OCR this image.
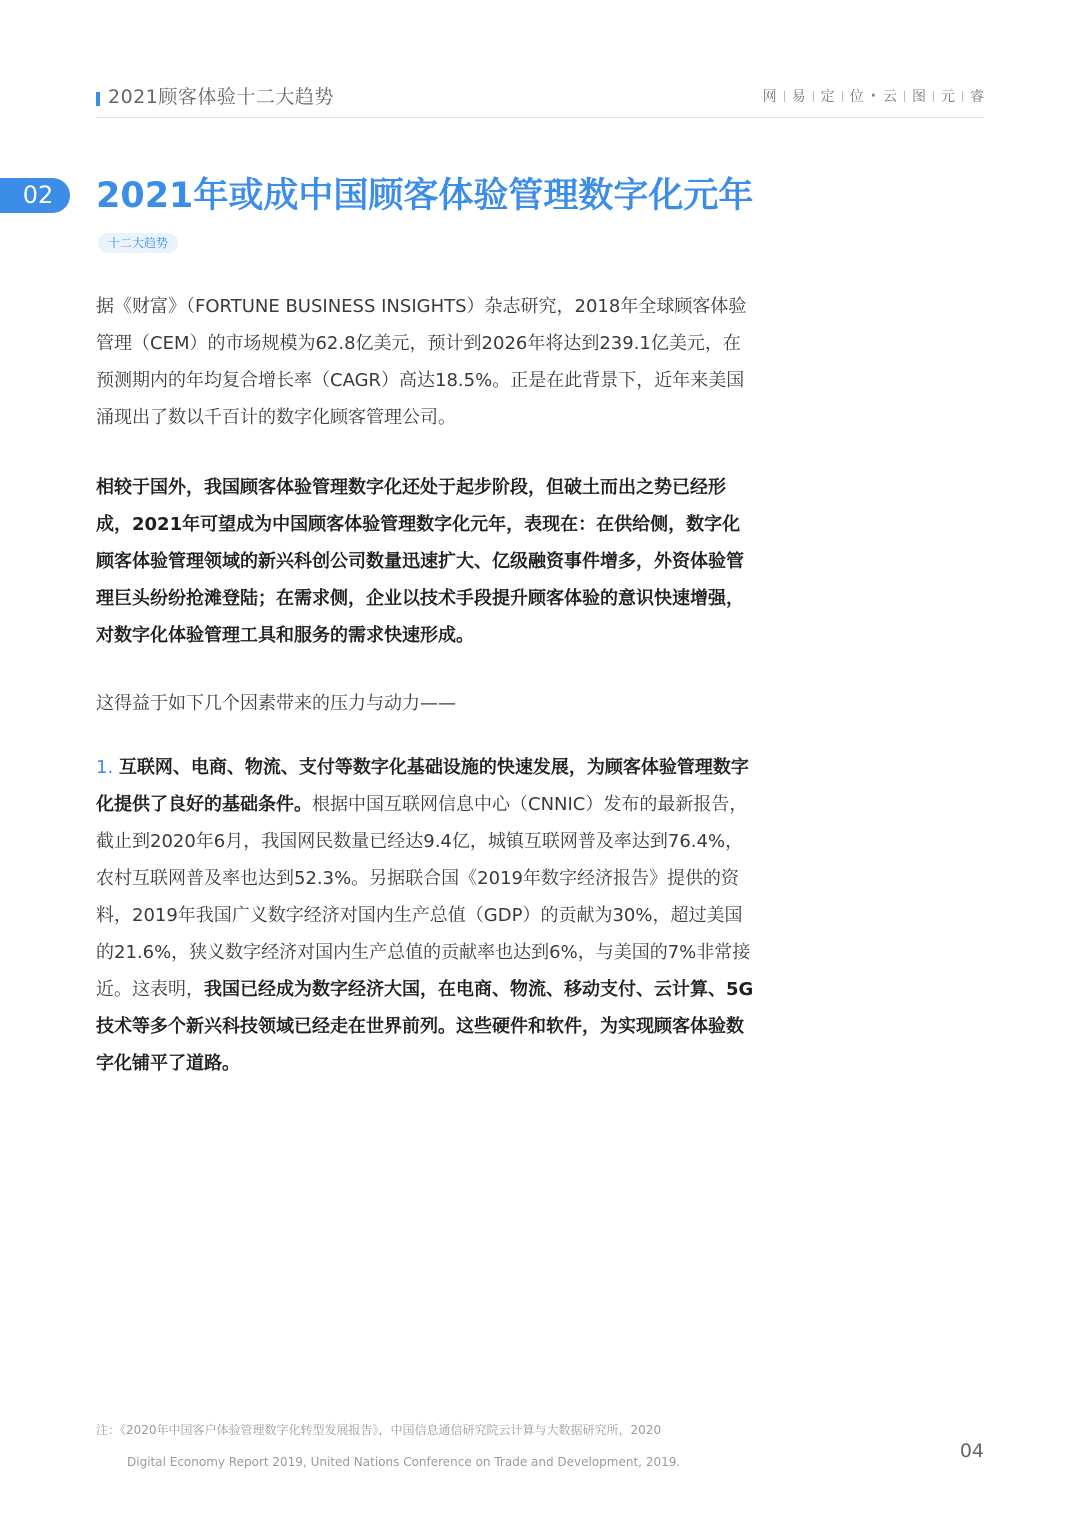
2021顾客体验十二大趋势	网 易 定 位 · 云 图 元 睿
02	2021年或成中国顾客体验管理数字化元年
十二大趋势

据《财富》（FORTUNE BUSINESS INSIGHTS）杂志研究，2018年全球顾客体验管理（CEM）的市场规模为62.8亿美元，预计到2026年将达到239.1亿美元，在预测期内的年均复合增长率（CAGR）高达18.5%。正是在此背景下，近年来美国涌现出了数以千百计的数字化顾客管理公司。

相较于国外，我国顾客体验管理数字化还处于起步阶段，但破土而出之势已经形成，2021年可望成为中国顾客体验管理数字化元年，表现在：在供给侧，数字化顾客体验管理领域的新兴科创公司数量迅速扩大、亿级融资事件增多，外资体验管理巨头纷纷抢滩登陆；在需求侧，企业以技术手段提升顾客体验的意识快速增强，对数字化体验管理工具和服务的需求快速形成。

这得益于如下几个因素带来的压力与动力——

1. 互联网、电商、物流、支付等数字化基础设施的快速发展，为顾客体验管理数字化提供了良好的基础条件。根据中国互联网信息中心（CNNIC）发布的最新报告，截止到2020年6月，我国网民数量已经达9.4亿，城镇互联网普及率达到76.4%，农村互联网普及率也达到52.3%。另据联合国《2019年数字经济报告》提供的资料，2019年我国广义数字经济对国内生产总值（GDP）的贡献为30%，超过美国的21.6%，狭义数字经济对国内生产总值的贡献率也达到6%，与美国的7%非常接近。这表明，我国已经成为数字经济大国，在电商、物流、移动支付、云计算、5G技术等多个新兴科技领域已经走在世界前列。这些硬件和软件，为实现顾客体验数字化铺平了道路。

注：《2020年中国客户体验管理数字化转型发展报告》，中国信息通信研究院云计算与大数据研究所，2020
Digital Economy Report 2019, United Nations Conference on Trade and Development, 2019.	04
